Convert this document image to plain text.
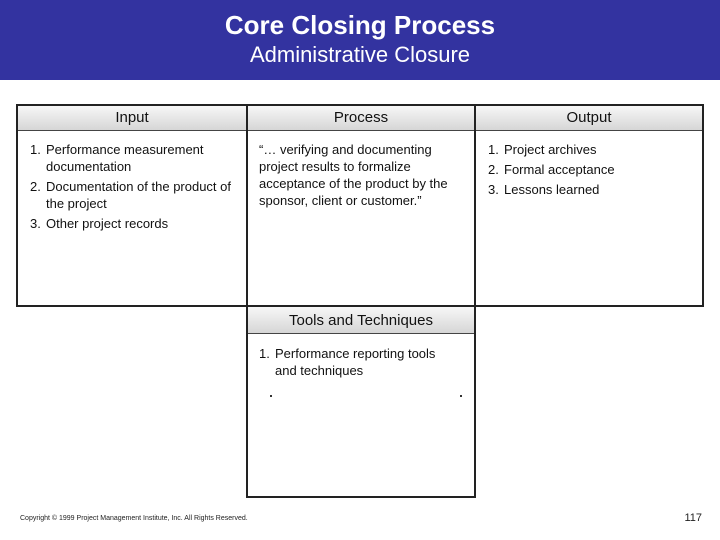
Core Closing Process
Administrative Closure
Input
1. Performance measurement documentation
2. Documentation of the product of the project
3. Other project records
Process
“… verifying and documenting project results to formalize acceptance of the product by the sponsor, client or customer.”
Output
1. Project archives
2. Formal acceptance
3. Lessons learned
Tools and Techniques
1. Performance reporting tools and techniques
Copyright © 1999 Project Management Institute, Inc. All Rights Reserved.	117
